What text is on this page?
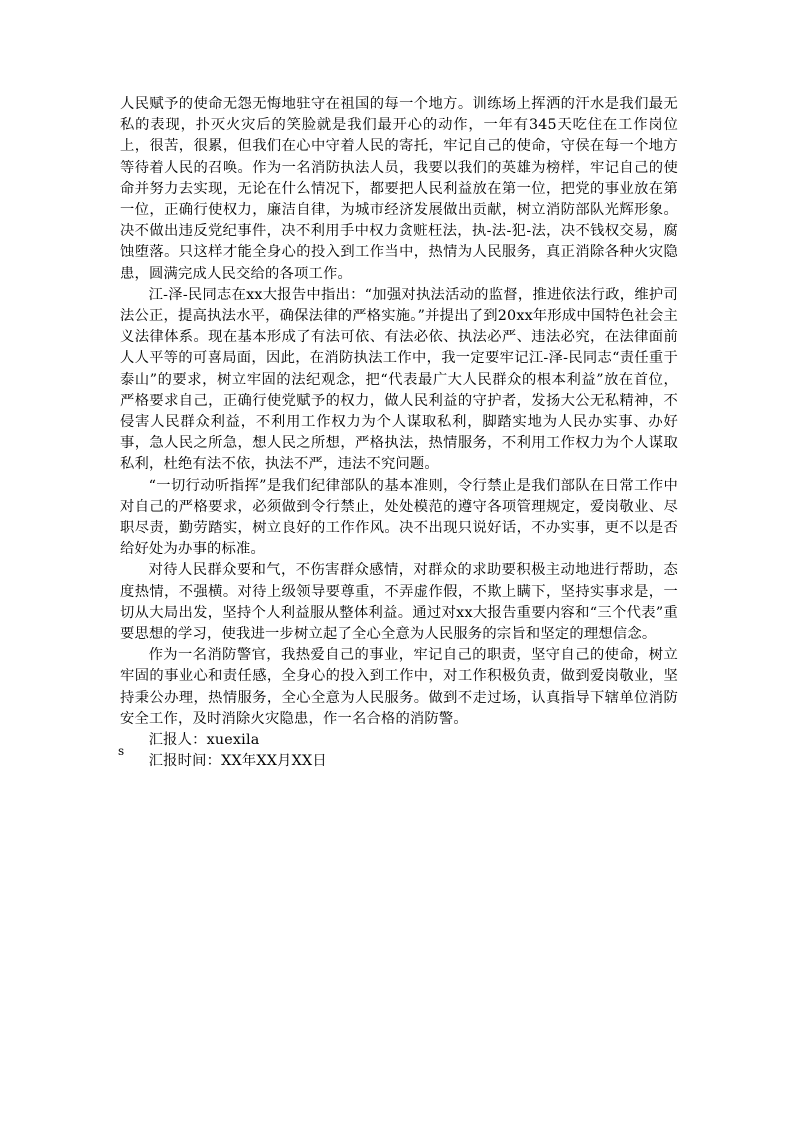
人民赋予的使命无怨无悔地驻守在祖国的每一个地方。训练场上挥洒的汗水是我们最无私的表现，扑灭火灾后的笑脸就是我们最开心的动作，一年有345天吃住在工作岗位上，很苦，很累，但我们在心中守着人民的寄托，牢记自己的使命，守侯在每一个地方等待着人民的召唤。作为一名消防执法人员，我要以我们的英雄为榜样，牢记自己的使命并努力去实现，无论在什么情况下，都要把人民利益放在第一位，把党的事业放在第一位，正确行使权力，廉洁自律，为城市经济发展做出贡献，树立消防部队光辉形象。决不做出违反党纪事件，决不利用手中权力贪赃枉法，执-法-犯-法，决不钱权交易，腐蚀堕落。只这样才能全身心的投入到工作当中，热情为人民服务，真正消除各种火灾隐患，圆满完成人民交给的各项工作。

江-泽-民同志在xx大报告中指出：“加强对执法活动的监督，推进依法行政，维护司法公正，提高执法水平，确保法律的严格实施。”并提出了到20xx年形成中国特色社会主义法律体系。现在基本形成了有法可依、有法必依、执法必严、违法必究，在法律面前人人平等的可喜局面，因此，在消防执法工作中，我一定要牢记江-泽-民同志“责任重于泰山”的要求，树立牢固的法纪观念，把“代表最广大人民群众的根本利益”放在首位，严格要求自己，正确行使党赋予的权力，做人民利益的守护者，发扬大公无私精神，不侵害人民群众利益，不利用工作权力为个人谋取私利，脚踏实地为人民办实事、办好事，急人民之所急，想人民之所想，严格执法，热情服务，不利用工作权力为个人谋取私利，杜绝有法不依，执法不严，违法不究问题。

“一切行动听指挥”是我们纪律部队的基本准则，令行禁止是我们部队在日常工作中对自己的严格要求，必须做到令行禁止，处处模范的遵守各项管理规定，爱岗敬业、尽职尽责，勤劳踏实，树立良好的工作作风。决不出现只说好话，不办实事，更不以是否给好处为办事的标准。

对待人民群众要和气，不伤害群众感情，对群众的求助要积极主动地进行帮助，态度热情，不强横。对待上级领导要尊重，不弄虚作假，不欺上瞒下，坚持实事求是，一切从大局出发，坚持个人利益服从整体利益。通过对xx大报告重要内容和“三个代表”重要思想的学习，使我进一步树立起了全心全意为人民服务的宗旨和坚定的理想信念。

作为一名消防警官，我热爱自己的事业，牢记自己的职责，坚守自己的使命，树立牢固的事业心和责任感，全身心的投入到工作中，对工作积极负责，做到爱岗敬业，坚持秉公办理，热情服务，全心全意为人民服务。做到不走过场，认真指导下辖单位消防安全工作，及时消除火灾隐患，作一名合格的消防警。

汇报人：xuexila

汇报时间：XX年XX月XX日

s
